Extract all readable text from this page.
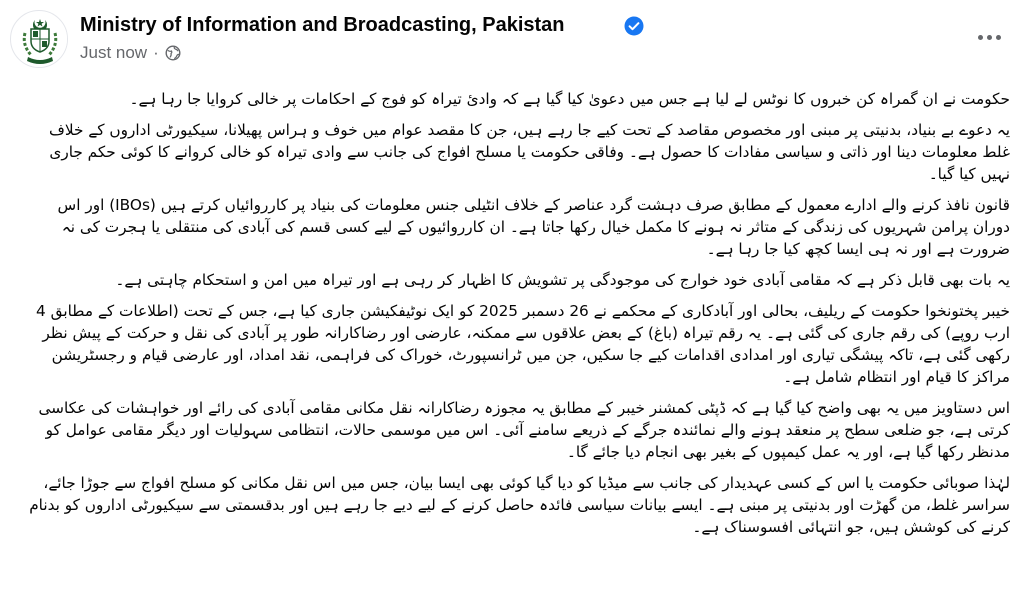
Ministry of Information and Broadcasting, Pakistan
Just now ·

حکومت نے ان گمراہ کن خبروں کا نوٹس لے لیا ہے جس میں دعویٰ کیا گیا ہے کہ وادئ تیراہ کو فوج کے احکامات پر خالی کروایا جا رہا ہے۔

یہ دعوے بے بنیاد، بدنیتی پر مبنی اور مخصوص مقاصد کے تحت کیے جا رہے ہیں، جن کا مقصد عوام میں خوف و ہراس پھیلانا، سیکیورٹی اداروں کے خلاف غلط معلومات دینا اور ذاتی و سیاسی مفادات کا حصول ہے۔ وفاقی حکومت یا مسلح افواج کی جانب سے وادی تیراہ کو خالی کروانے کا کوئی حکم جاری نہیں کیا گیا۔

قانون نافذ کرنے والے ادارے معمول کے مطابق صرف دہشت گرد عناصر کے خلاف انٹیلی جنس معلومات کی بنیاد پر کارروائیاں کرتے ہیں (IBOs) اور اس دوران پرامن شہریوں کی زندگی کے متاثر نہ ہونے کا مکمل خیال رکھا جاتا ہے۔ ان کارروائیوں کے لیے کسی قسم کی آبادی کی منتقلی یا ہجرت کی نہ ضرورت ہے اور نہ ہی ایسا کچھ کیا جا رہا ہے۔

یہ بات بھی قابل ذکر ہے کہ مقامی آبادی خود خوارج کی موجودگی پر تشویش کا اظہار کر رہی ہے اور تیراہ میں امن و استحکام چاہتی ہے۔

خیبر پختونخوا حکومت کے ریلیف، بحالی اور آبادکاری کے محکمے نے 26 دسمبر 2025 کو ایک نوٹیفکیشن جاری کیا ہے، جس کے تحت (اطلاعات کے مطابق 4 ارب روپے) کی رقم جاری کی گئی ہے۔ یہ رقم تیراہ (باغ) کے بعض علاقوں سے ممکنہ، عارضی اور رضاکارانہ طور پر آبادی کی نقل و حرکت کے پیش نظر رکھی گئی ہے، تاکہ پیشگی تیاری اور امدادی اقدامات کیے جا سکیں، جن میں ٹرانسپورٹ، خوراک کی فراہمی، نقد امداد، اور عارضی قیام و رجسٹریشن مراکز کا قیام اور انتظام شامل ہے۔

اس دستاویز میں یہ بھی واضح کیا گیا ہے کہ ڈپٹی کمشنر خیبر کے مطابق یہ مجوزہ رضاکارانہ نقل مکانی مقامی آبادی کی رائے اور خواہشات کی عکاسی کرتی ہے، جو ضلعی سطح پر منعقد ہونے والے نمائندہ جرگے کے ذریعے سامنے آئی۔ اس میں موسمی حالات، انتظامی سہولیات اور دیگر مقامی عوامل کو مدنظر رکھا گیا ہے، اور یہ عمل کیمپوں کے بغیر بھی انجام دیا جائے گا۔

لہٰذا صوبائی حکومت یا اس کے کسی عہدیدار کی جانب سے میڈیا کو دیا گیا کوئی بھی ایسا بیان، جس میں اس نقل مکانی کو مسلح افواج سے جوڑا جائے، سراسر غلط، من گھڑت اور بدنیتی پر مبنی ہے۔ ایسے بیانات سیاسی فائدہ حاصل کرنے کے لیے دیے جا رہے ہیں اور بدقسمتی سے سیکیورٹی اداروں کو بدنام کرنے کی کوشش ہیں، جو انتہائی افسوسناک ہے۔
